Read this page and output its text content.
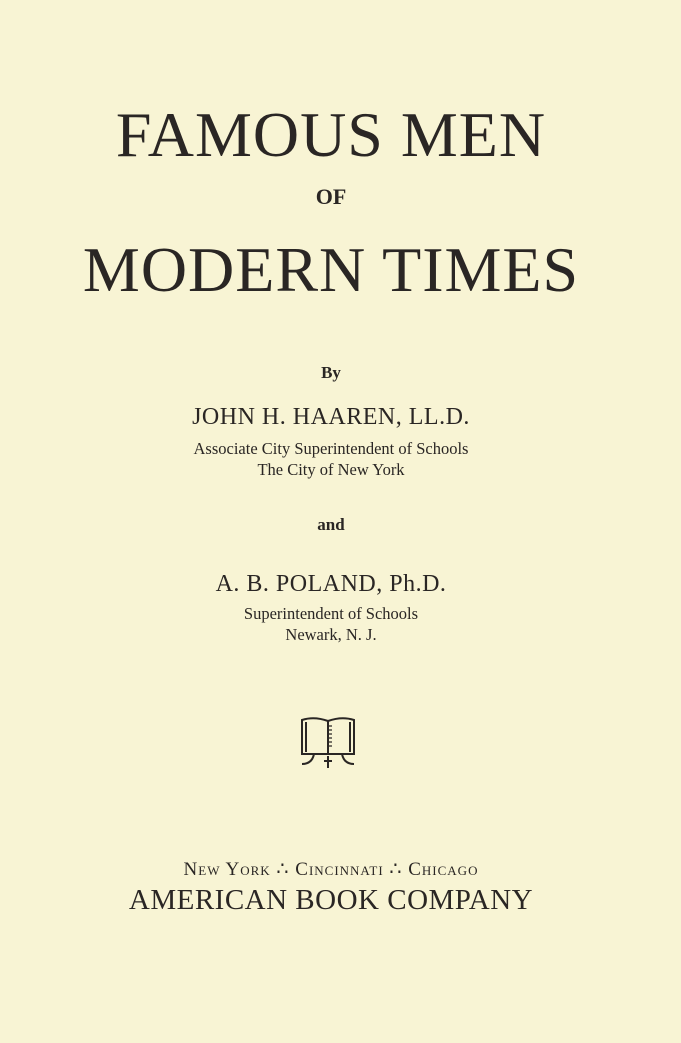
FAMOUS MEN
OF
MODERN TIMES
By
JOHN H. HAAREN, LL.D.
Associate City Superintendent of Schools
The City of New York
and
A. B. POLAND, Ph.D.
Superintendent of Schools
Newark, N. J.
New York ∴ Cincinnati ∴ Chicago
AMERICAN BOOK COMPANY
